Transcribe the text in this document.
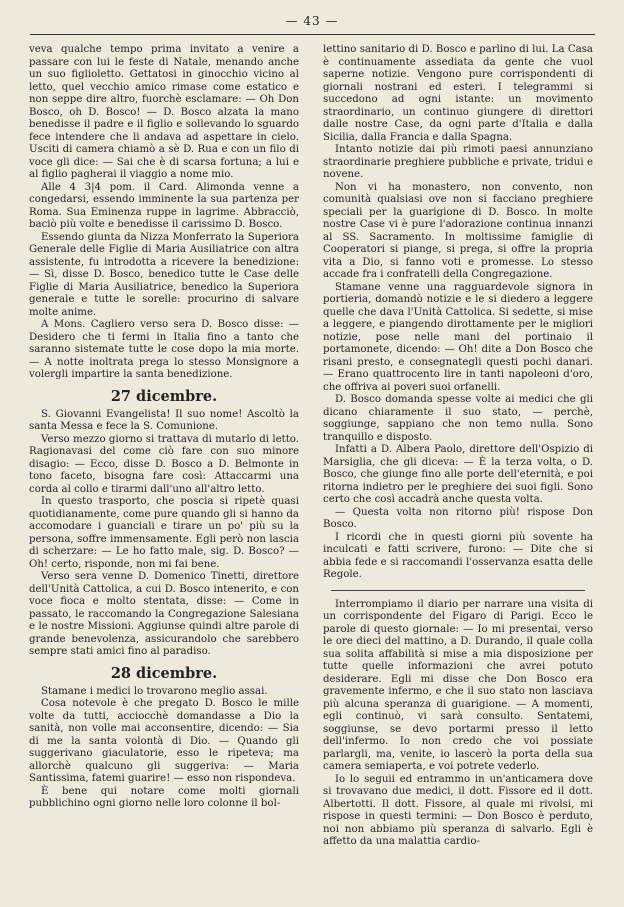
— 43 —

veva qualche tempo prima invitato a venire a passare con lui le feste di Natale, menando anche un suo figlioletto. Gettatosi in ginocchio vicino al letto, quel vecchio amico rimase come estatico e non seppe dire altro, fuorchè esclamare: — Oh Don Bosco, oh D. Bosco! — D. Bosco alzata la mano benedisse il padre e il figlio e sollevando lo sguardo fece intendere che li andava ad aspettare in cielo. Usciti di camera chiamò a sè D. Rua e con un filo di voce gli dice: — Sai che è di scarsa fortuna; a lui e al figlio pagherai il viaggio a nome mio.

Alle 4 3|4 pom. il Card. Alimonda venne a congedarsi, essendo imminente la sua partenza per Roma. Sua Eminenza ruppe in lagrime. Abbracciò, baciò più volte e benedisse il carissimo D. Bosco.

Essendo giunta da Nizza Monferrato la Superiora Generale delle Figlie di Maria Ausiliatrice con altra assistente, fu introdotta a ricevere la benedizione: — Sì, disse D. Bosco, benedico tutte le Case delle Figlie di Maria Ausiliatrice, benedico la Superiora generale e tutte le sorelle: procurino di salvare molte anime.

A Mons. Cagliero verso sera D. Bosco disse: — Desidero che ti fermi in Italia fino a tanto che saranno sistemate tutte le cose dopo la mia morte. — A notte inoltrata prega lo stesso Monsignore a volergli impartire la santa benedizione.

27 dicembre.

S. Giovanni Evangelista! Il suo nome! Ascoltò la santa Messa e fece la S. Comunione.

Verso mezzo giorno si trattava di mutarlo di letto. Ragionavasi del come ciò fare con suo minore disagio: — Ecco, disse D. Bosco a D. Belmonte in tono faceto, bisogna fare così: Attaccarmi una corda al collo e tirarmi dall'uno all'altro letto.

In questo trasporto, che poscia si ripetè quasi quotidianamente, come pure quando gli si hanno da accomodare i guanciali e tirare un po' più su la persona, soffre immensamente. Egli però non lascia di scherzare: — Le ho fatto male, sig. D. Bosco? — Oh! certo, risponde, non mi fai bene.

Verso sera venne D. Domenico Tinetti, direttore dell'Unità Cattolica, a cui D. Bosco intenerito, e con voce fioca e molto stentata, disse: — Come in passato, le raccomando la Congregazione Salesiana e le nostre Missioni. Aggiunse quindi altre parole di grande benevolenza, assicurandolo che sarebbero sempre stati amici fino al paradiso.

28 dicembre.

Stamane i medici lo trovarono meglio assai.

Cosa notevole è che pregato D. Bosco le mille volte da tutti, acciocchè domandasse a Dio la sanità, non volle mai acconsentire, dicendo: — Sia di me la santa volontà di Dio. — Quando gli suggerivano giaculatorie, esso le ripeteva; ma allorchè qualcuno gli suggeriva: — Maria Santissima, fatemi guarire! — esso non rispondeva.

È bene qui notare come molti giornali pubblichino ogni giorno nelle loro colonne il bol-

lettino sanitario di D. Bosco e parlino di lui. La Casa è continuamente assediata da gente che vuol saperne notizie. Vengono pure corrispondenti di giornali nostrani ed esteri. I telegrammi si succedono ad ogni istante: un movimento straordinario, un continuo giungere di direttori dalle nostre Case, da ogni parte d'Italia e dalla Sicilia, dalla Francia e dalla Spagna.

Intanto notizie dai più rimoti paesi annunziano straordinarie preghiere pubbliche e private, tridui e novene.

Non vi ha monastero, non convento, non comunità qualsiasi ove non si facciano preghiere speciali per la guarigione di D. Bosco. In molte nostre Case vi è pure l'adorazione continua innanzi al SS. Sacramento. In moltissime famiglie di Cooperatori si piange, si prega, si offre la propria vita a Dio, si fanno voti e promesse. Lo stesso accade fra i confratelli della Congregazione.

Stamane venne una ragguardevole signora in portieria, domandò notizie e le si diedero a leggere quelle che dava l'Unità Cattolica. Si sedette, si mise a leggere, e piangendo dirottamente per le migliori notizie, pose nelle mani del portinaio il portamonete, dicendo: — Oh! dite a Don Bosco che risani presto, e consegnategli questi pochi danari. — Erano quattrocento lire in tanti napoleoni d'oro, che offriva ai poveri suoi orfanelli.

D. Bosco domanda spesse volte ai medici che gli dicano chiaramente il suo stato, — perchè, soggiunge, sappiano che non temo nulla. Sono tranquillo e disposto.

Infatti a D. Albera Paolo, direttore dell'Ospizio di Marsiglia, che gli diceva: — È la terza volta, o D. Bosco, che giunge fino alle porte dell'eternità, e poi ritorna indietro per le preghiere dei suoi figli. Sono certo che così accadrà anche questa volta.

— Questa volta non ritorno più! rispose Don Bosco.

I ricordi che in questi giorni più sovente ha inculcati e fatti scrivere, furono: — Dite che si abbia fede e si raccomandi l'osservanza esatta delle Regole.

Interrompiamo il diario per narrare una visita di un corrispondente del Figaro di Parigi. Ecco le parole di questo giornale: — Io mi presentai, verso le ore dieci del mattino, a D. Durando, il quale colla sua solita affabilità si mise a mia disposizione per tutte quelle informazioni che avrei potuto desiderare. Egli mi disse che Don Bosco era gravemente infermo, e che il suo stato non lasciava più alcuna speranza di guarigione. — A momenti, egli continuò, vi sarà consulto. Sentatemi, soggiunse, se devo portarmi presso il letto dell'infermo. Io non credo che voi possiate parlargli, ma, venite, io lascerò la porta della sua camera semiaperta, e voi potrete vederlo.

Io lo seguii ed entrammo in un'anticamera dove si trovavano due medici, il dott. Fissore ed il dott. Albertotti. Il dott. Fissore, al quale mi rivolsi, mi rispose in questi termini: — Don Bosco è perduto, noi non abbiamo più speranza di salvarlo. Egli è affetto da una malattia cardio-
